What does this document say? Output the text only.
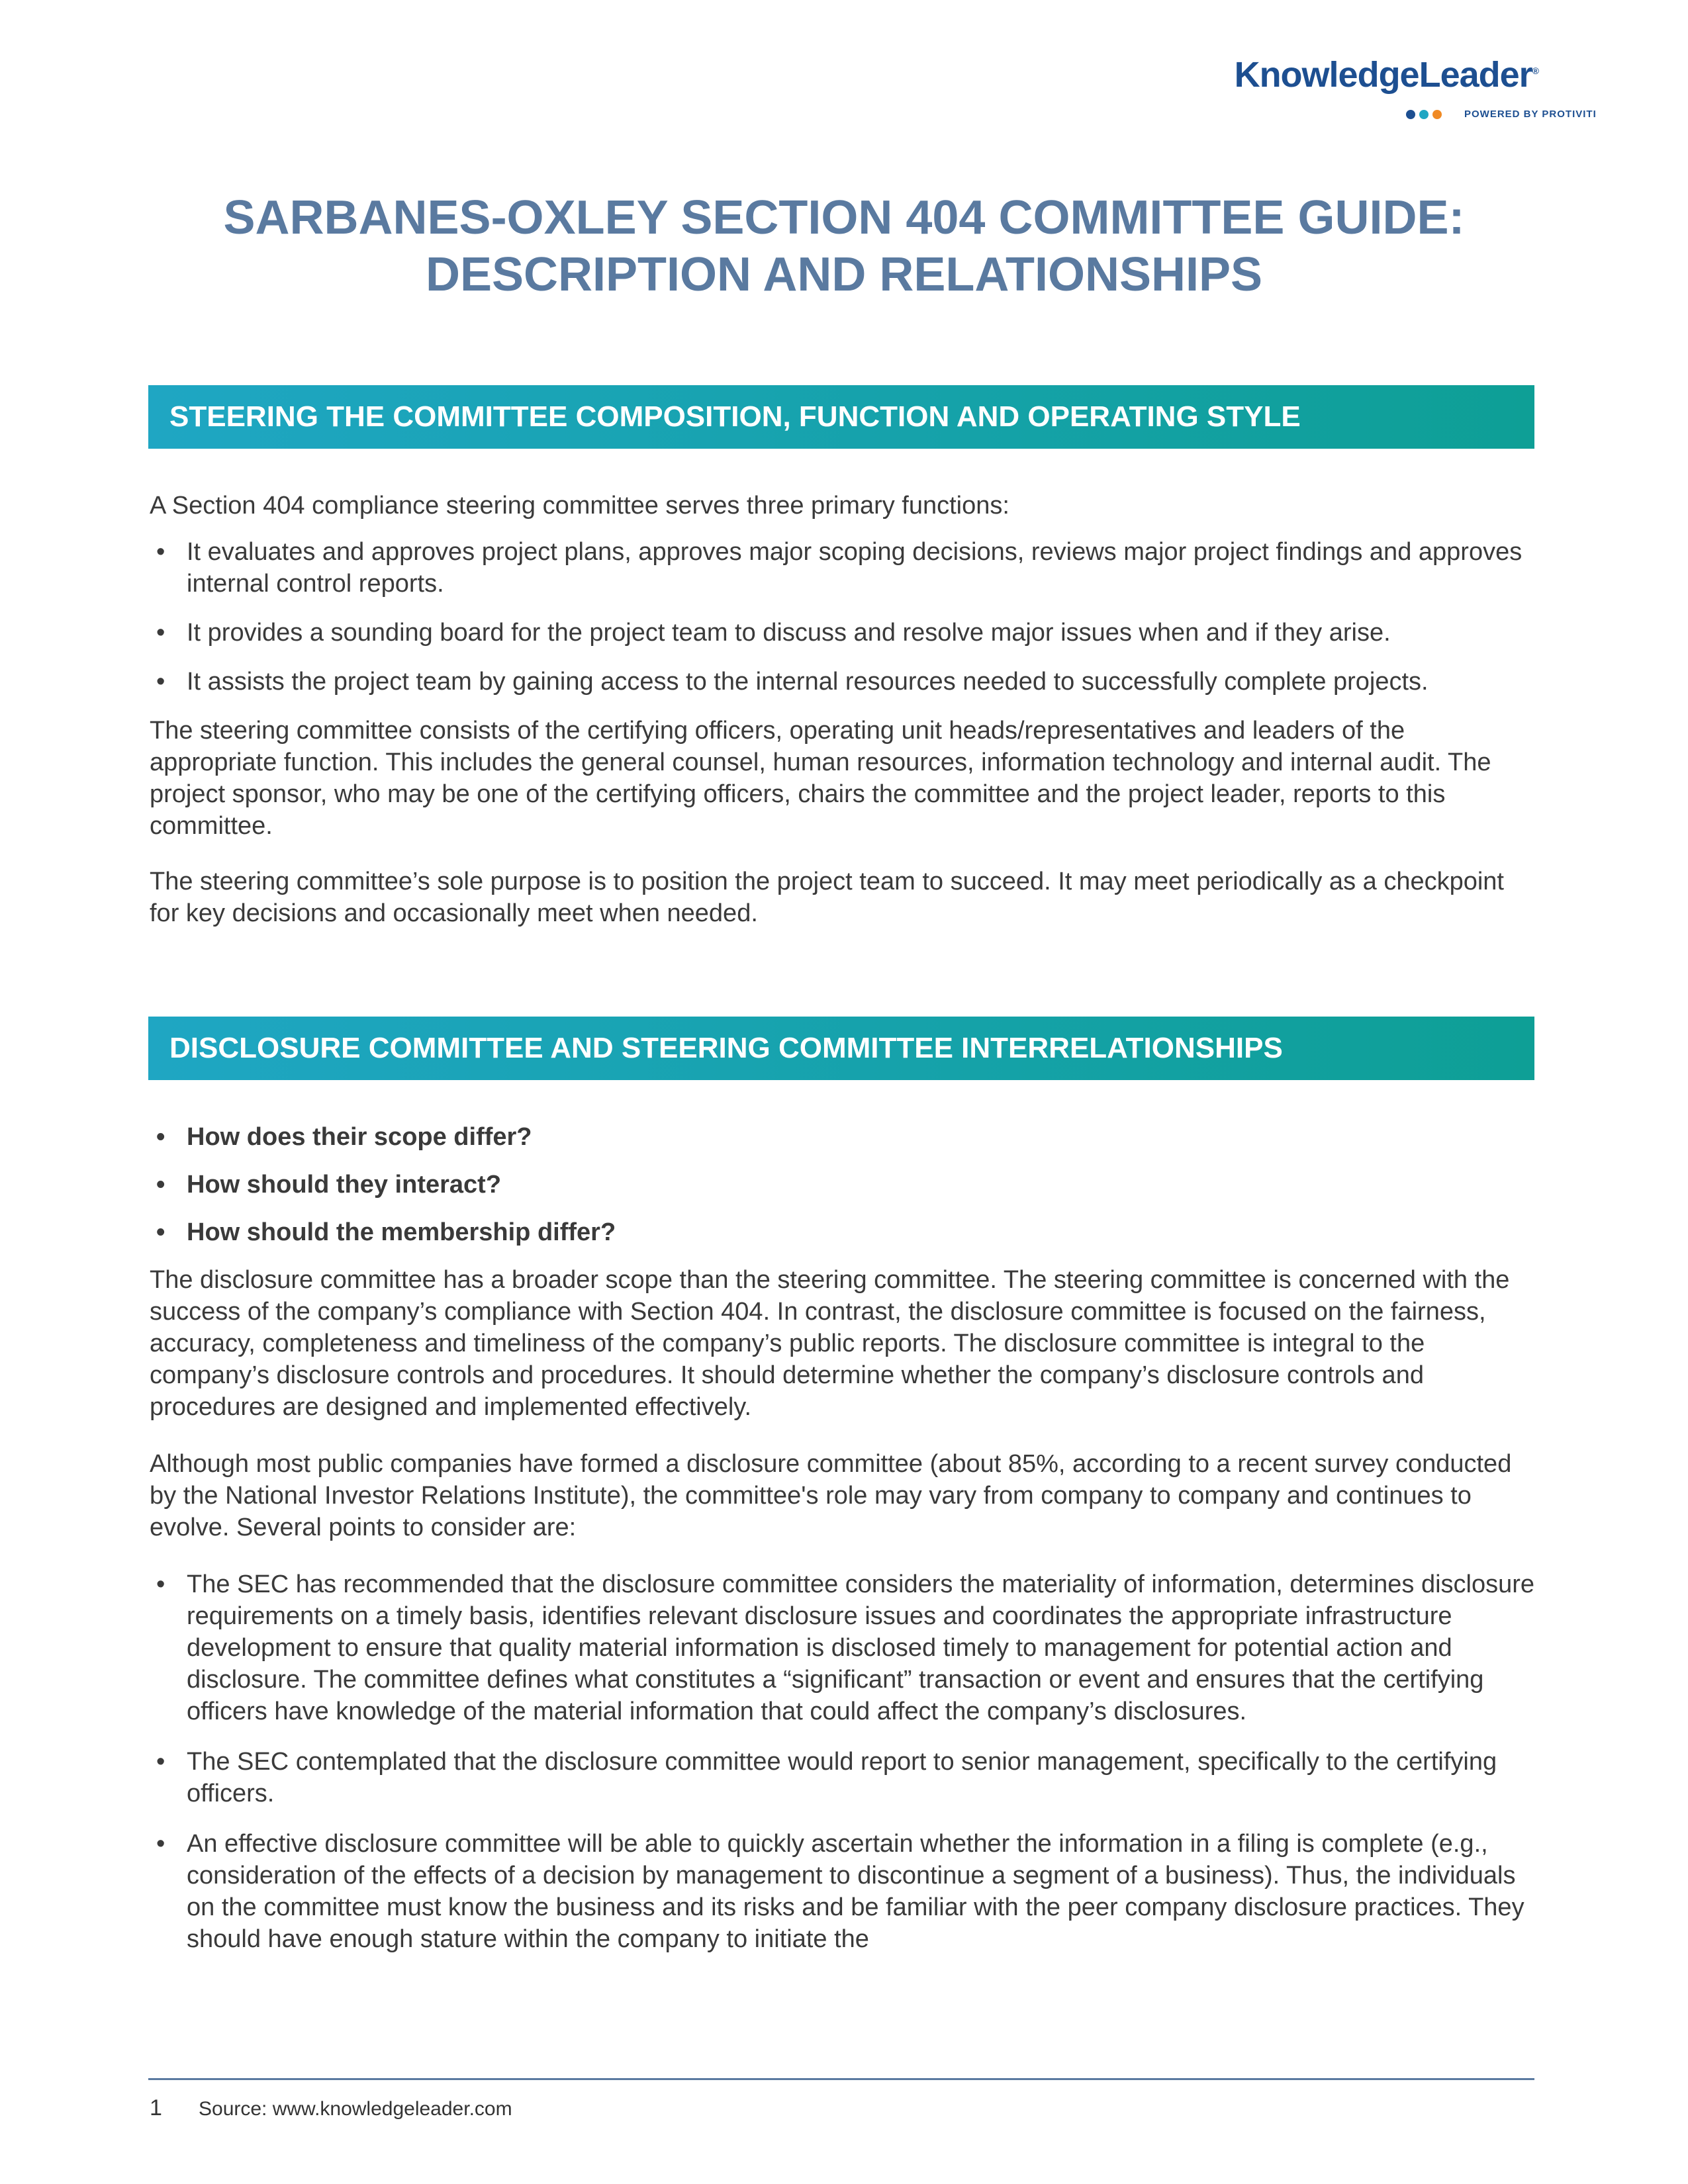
KnowledgeLeader®
POWERED BY PROTIVITI
SARBANES-OXLEY SECTION 404 COMMITTEE GUIDE:
DESCRIPTION AND RELATIONSHIPS
STEERING THE COMMITTEE COMPOSITION, FUNCTION AND OPERATING STYLE

A Section 404 compliance steering committee serves three primary functions:

• It evaluates and approves project plans, approves major scoping decisions, reviews major project findings and approves internal control reports.
• It provides a sounding board for the project team to discuss and resolve major issues when and if they arise.
• It assists the project team by gaining access to the internal resources needed to successfully complete projects.

The steering committee consists of the certifying officers, operating unit heads/representatives and leaders of the appropriate function. This includes the general counsel, human resources, information technology and internal audit. The project sponsor, who may be one of the certifying officers, chairs the committee and the project leader, reports to this committee.

The steering committee’s sole purpose is to position the project team to succeed. It may meet periodically as a checkpoint for key decisions and occasionally meet when needed.

DISCLOSURE COMMITTEE AND STEERING COMMITTEE INTERRELATIONSHIPS
• How does their scope differ?
• How should they interact?
• How should the membership differ?

The disclosure committee has a broader scope than the steering committee. The steering committee is concerned with the success of the company’s compliance with Section 404. In contrast, the disclosure committee is focused on the fairness, accuracy, completeness and timeliness of the company’s public reports. The disclosure committee is integral to the company’s disclosure controls and procedures. It should determine whether the company’s disclosure controls and procedures are designed and implemented effectively.

Although most public companies have formed a disclosure committee (about 85%, according to a recent survey conducted by the National Investor Relations Institute), the committee's role may vary from company to company and continues to evolve. Several points to consider are:

• The SEC has recommended that the disclosure committee considers the materiality of information, determines disclosure requirements on a timely basis, identifies relevant disclosure issues and coordinates the appropriate infrastructure development to ensure that quality material information is disclosed timely to management for potential action and disclosure. The committee defines what constitutes a “significant” transaction or event and ensures that the certifying officers have knowledge of the material information that could affect the company’s disclosures.
• The SEC contemplated that the disclosure committee would report to senior management, specifically to the certifying officers.
• An effective disclosure committee will be able to quickly ascertain whether the information in a filing is complete (e.g., consideration of the effects of a decision by management to discontinue a segment of a business). Thus, the individuals on the committee must know the business and its risks and be familiar with the peer company disclosure practices. They should have enough stature within the company to initiate the
1 Source: www.knowledgeleader.com
